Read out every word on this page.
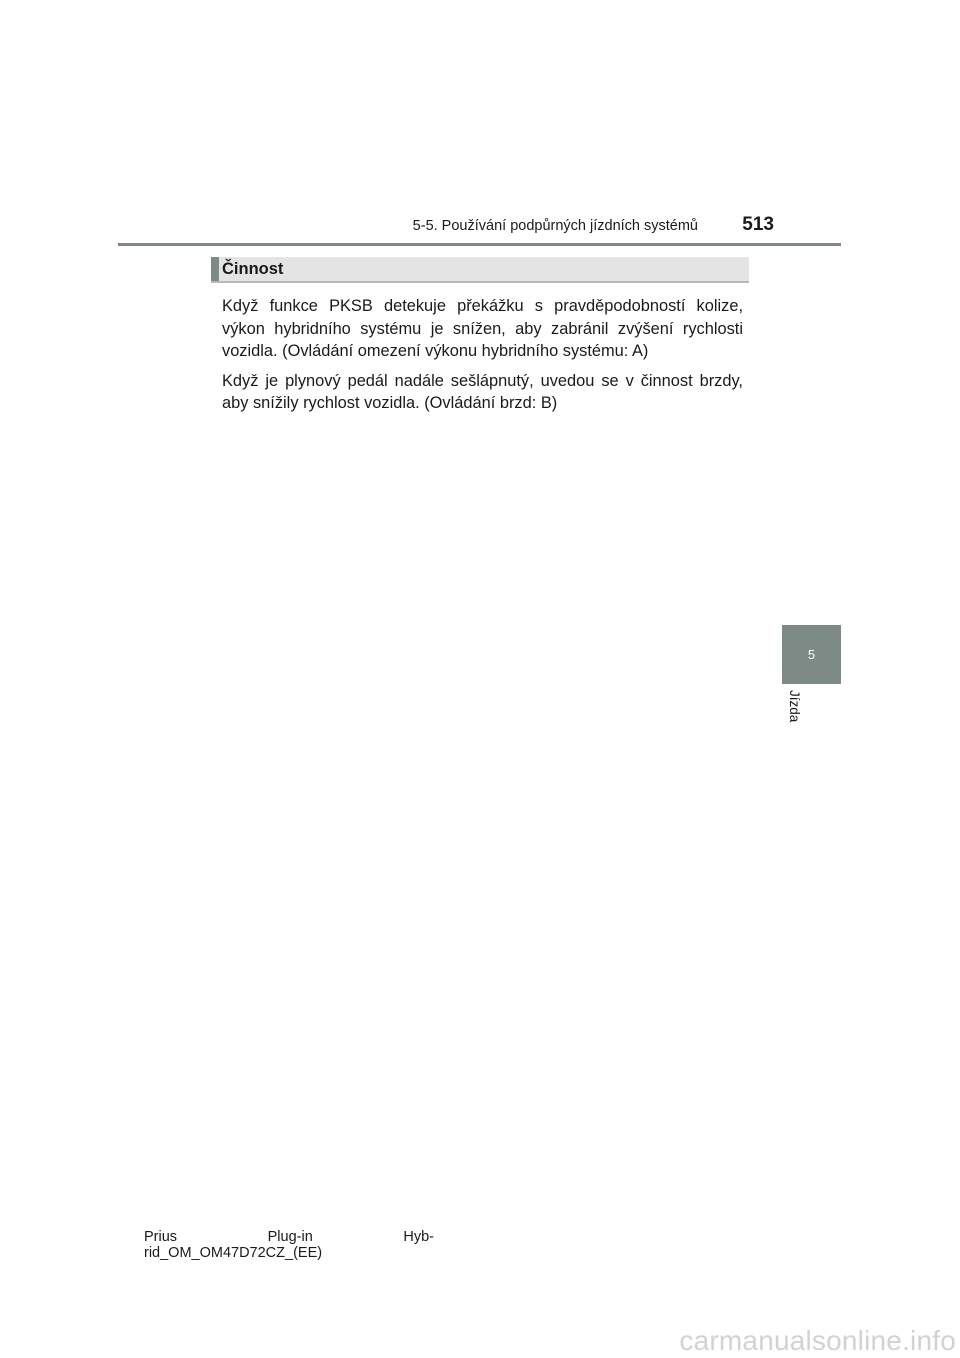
5-5. Používání podpůrných jízdních systémů	513
Činnost

Když funkce PKSB detekuje překážku s pravděpodobností kolize, výkon hybridního systému je snížen, aby zabránil zvýšení rychlosti vozidla. (Ovládání omezení výkonu hybridního systému: A)

Když je plynový pedál nadále sešlápnutý, uvedou se v činnost brzdy, aby snížily rychlost vozidla. (Ovládání brzd: B)

5
Jízda
Prius	Plug-in	Hyb-
rid_OM_OM47D72CZ_(EE)
carmanualsonline.info
